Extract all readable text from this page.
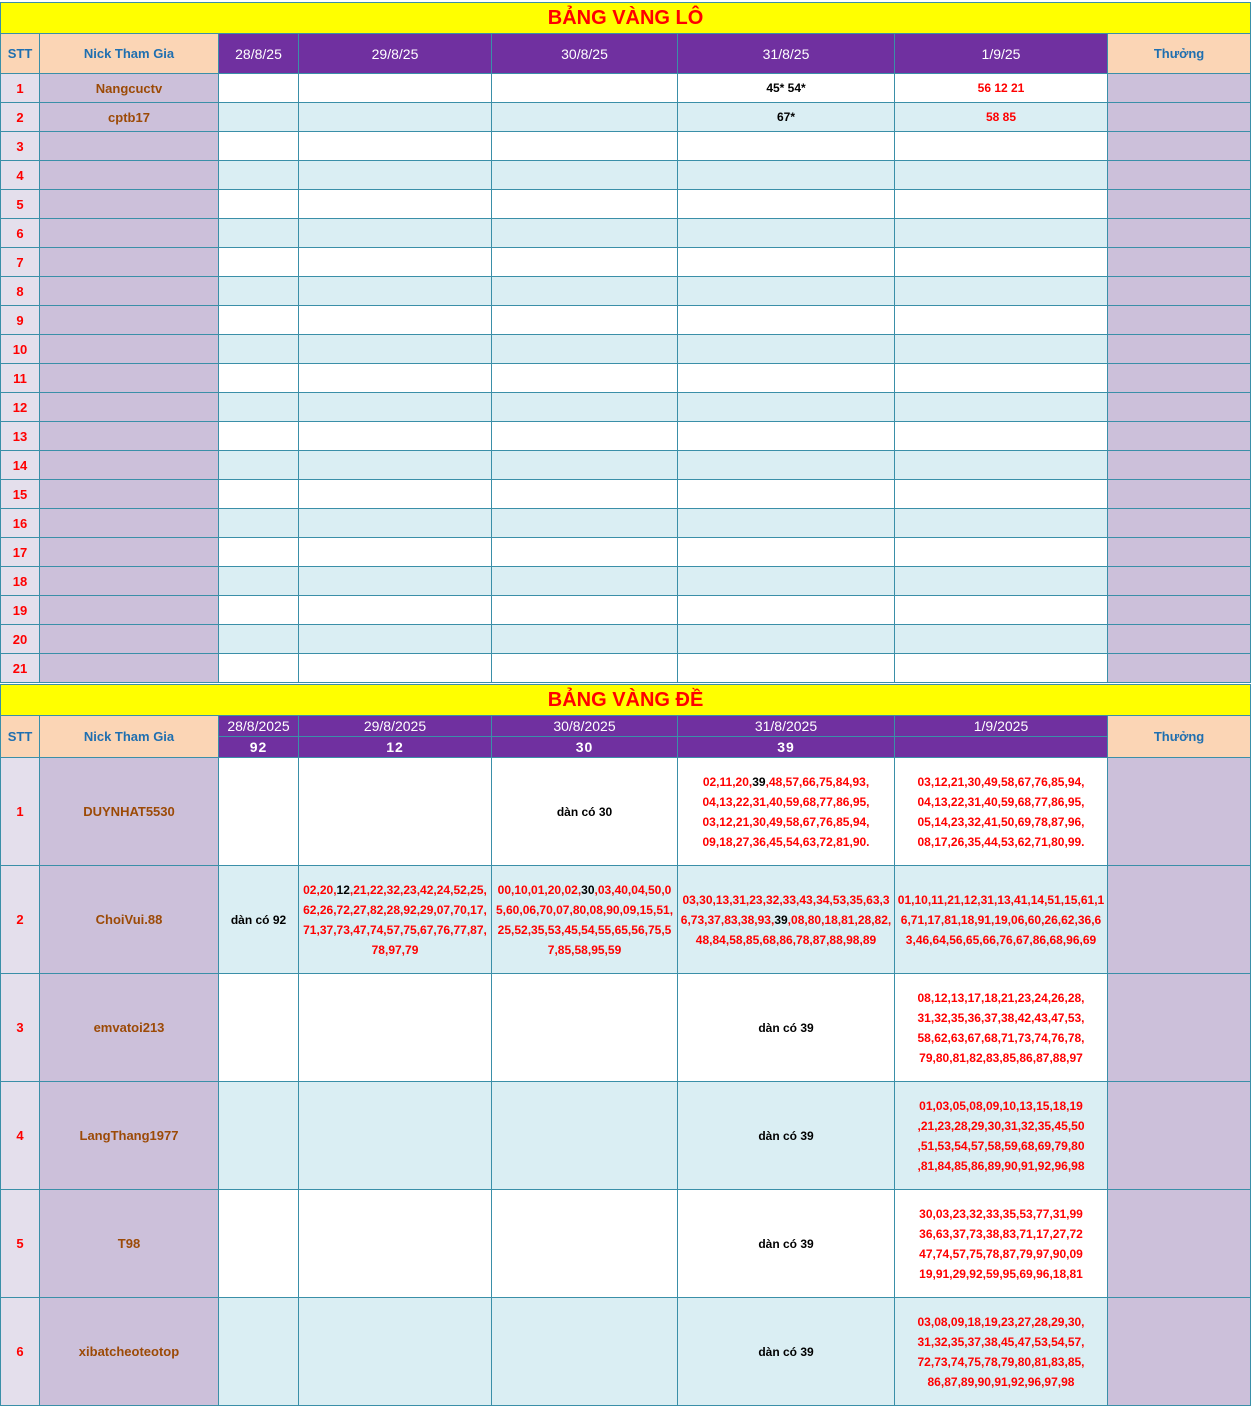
BẢNG VÀNG LÔ							
STT	Nick Tham Gia	28/8/25	29/8/25	30/8/25	31/8/25	1/9/25	Thưởng
1	Nangcuctv				45* 54*	56 12 21	
2	cptb17				67*	58 85	
3							
4							
5							
6							
7							
8							
9							
10							
11							
12							
13							
14							
15							
16							
17							
18							
19							
20							
21							
BẢNG VÀNG ĐỀ							
STT	Nick Tham Gia	28/8/2025	29/8/2025	30/8/2025	31/8/2025	1/9/2025	Thưởng
		92	12	30	39		
1	DUYNHAT5530			dàn có 30	02,11,20,39,48,57,66,75,84,93,
04,13,22,31,40,59,68,77,86,95,
03,12,21,30,49,58,67,76,85,94,
09,18,27,36,45,54,63,72,81,90.	03,12,21,30,49,58,67,76,85,94,
04,13,22,31,40,59,68,77,86,95,
05,14,23,32,41,50,69,78,87,96,
08,17,26,35,44,53,62,71,80,99.	
2	ChoiVui.88	dàn có 92	02,20,12,21,22,32,23,42,24,52,25,62,26,72,27,82,28,92,29,07,70,17,71,37,73,47,74,57,75,67,76,77,87,78,97,79	00,10,01,20,02,30,03,40,04,50,05,60,06,70,07,80,08,90,09,15,51,25,52,35,53,45,54,55,65,56,75,57,85,58,95,59	03,30,13,31,23,32,33,43,34,53,35,63,36,73,37,83,38,93,39,08,80,18,81,28,82,48,84,58,85,68,86,78,87,88,98,89	01,10,11,21,12,31,13,41,14,51,15,61,16,71,17,81,18,91,19,06,60,26,62,36,63,46,64,56,65,66,76,67,86,68,96,69	
3	emvatoi213				dàn có 39	08,12,13,17,18,21,23,24,26,28,
31,32,35,36,37,38,42,43,47,53,
58,62,63,67,68,71,73,74,76,78,
79,80,81,82,83,85,86,87,88,97	
4	LangThang1977				dàn có 39	01,03,05,08,09,10,13,15,18,19
,21,23,28,29,30,31,32,35,45,50
,51,53,54,57,58,59,68,69,79,80
,81,84,85,86,89,90,91,92,96,98	
5	T98				dàn có 39	30,03,23,32,33,35,53,77,31,99
36,63,37,73,38,83,71,17,27,72
47,74,57,75,78,87,79,97,90,09
19,91,29,92,59,95,69,96,18,81	
6	xibatcheoteotop				dàn có 39	03,08,09,18,19,23,27,28,29,30,
31,32,35,37,38,45,47,53,54,57,
72,73,74,75,78,79,80,81,83,85,
86,87,89,90,91,92,96,97,98	
